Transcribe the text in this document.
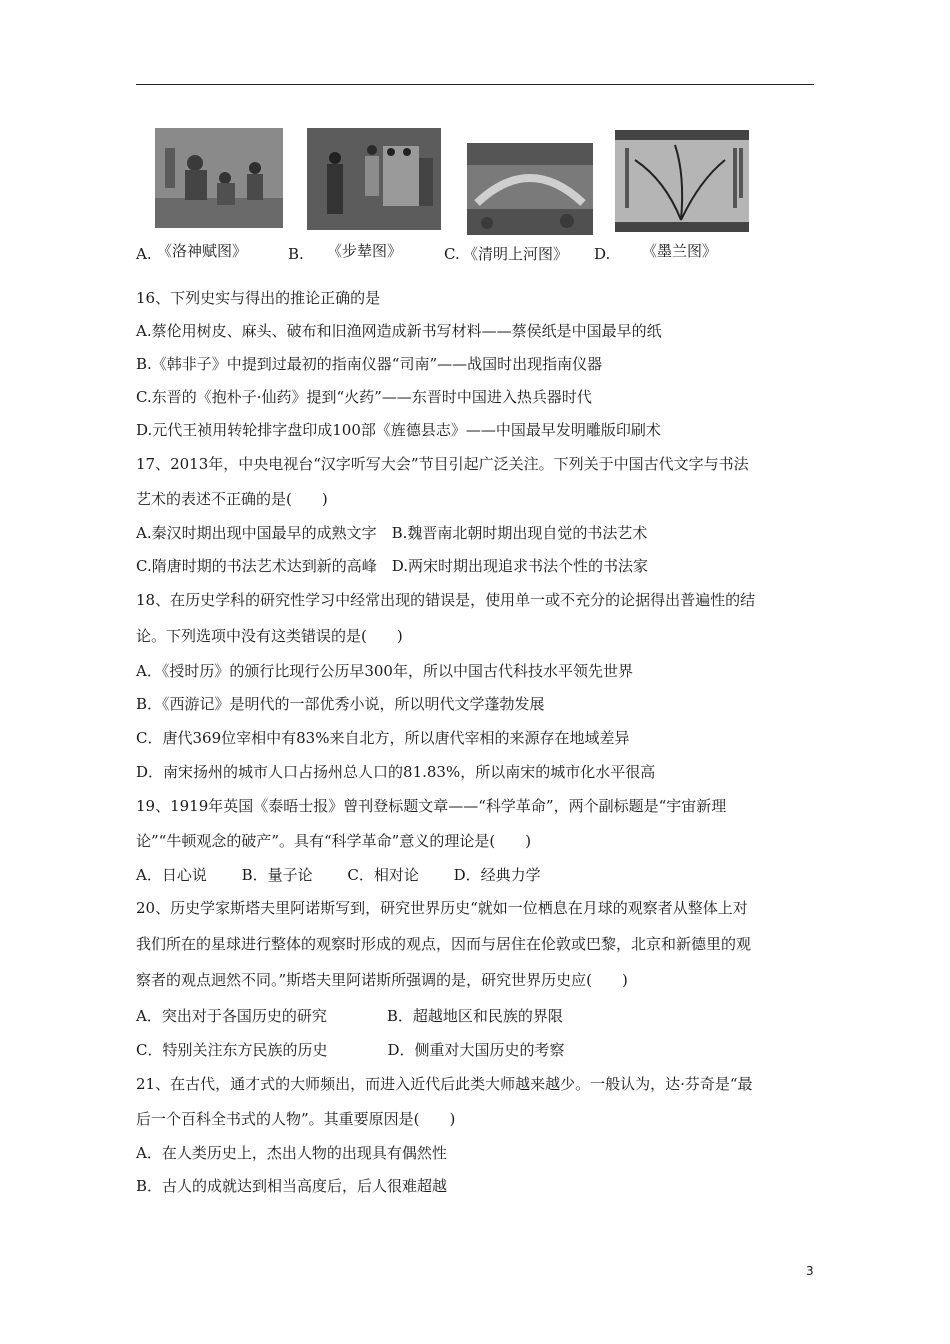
A. 《洛神赋图》	B. 《步辇图》	C. 《清明上河图》 D. 《墨兰图》
16、下列史实与得出的推论正确的是
A.蔡伦用树皮、麻头、破布和旧渔网造成新书写材料——蔡侯纸是中国最早的纸
B.《韩非子》中提到过最初的指南仪器“司南”——战国时出现指南仪器
C.东晋的《抱朴子·仙药》提到“火药”——东晋时中国进入热兵器时代
D.元代王祯用转轮排字盘印成100部《旌德县志》——中国最早发明雕版印刷术
17、2013年，中央电视台“汉字听写大会”节目引起广泛关注。下列关于中国古代文字与书法
艺术的表述不正确的是(　　)
A.秦汉时期出现中国最早的成熟文字　B.魏晋南北朝时期出现自觉的书法艺术
C.隋唐时期的书法艺术达到新的高峰　D.两宋时期出现追求书法个性的书法家
18、在历史学科的研究性学习中经常出现的错误是，使用单一或不充分的论据得出普遍性的结
论。下列选项中没有这类错误的是(　　)
A．《授时历》的颁行比现行公历早300年，所以中国古代科技水平领先世界
B．《西游记》是明代的一部优秀小说，所以明代文学蓬勃发展
C．唐代369位宰相中有83%来自北方，所以唐代宰相的来源存在地域差异
D．南宋扬州的城市人口占扬州总人口的81.83%，所以南宋的城市化水平很高
19、1919年英国《泰晤士报》曾刊登标题文章——“科学革命”，两个副标题是“宇宙新理
论”“牛顿观念的破产”。具有“科学革命”意义的理论是(　　)
A．日心说　　 B．量子论　　 C．相对论　　 D．经典力学
20、历史学家斯塔夫里阿诺斯写到，研究世界历史“就如一位栖息在月球的观察者从整体上对
我们所在的星球进行整体的观察时形成的观点，因而与居住在伦敦或巴黎，北京和新德里的观
察者的观点迥然不同。”斯塔夫里阿诺斯所强调的是，研究世界历史应(　　)
A．突出对于各国历史的研究　　　　B．超越地区和民族的界限
C．特别关注东方民族的历史　　　　D．侧重对大国历史的考察
21、在古代，通才式的大师频出，而进入近代后此类大师越来越少。一般认为，达·芬奇是“最
后一个百科全书式的人物”。其重要原因是(　　)
A．在人类历史上，杰出人物的出现具有偶然性
B．古人的成就达到相当高度后，后人很难超越
3
